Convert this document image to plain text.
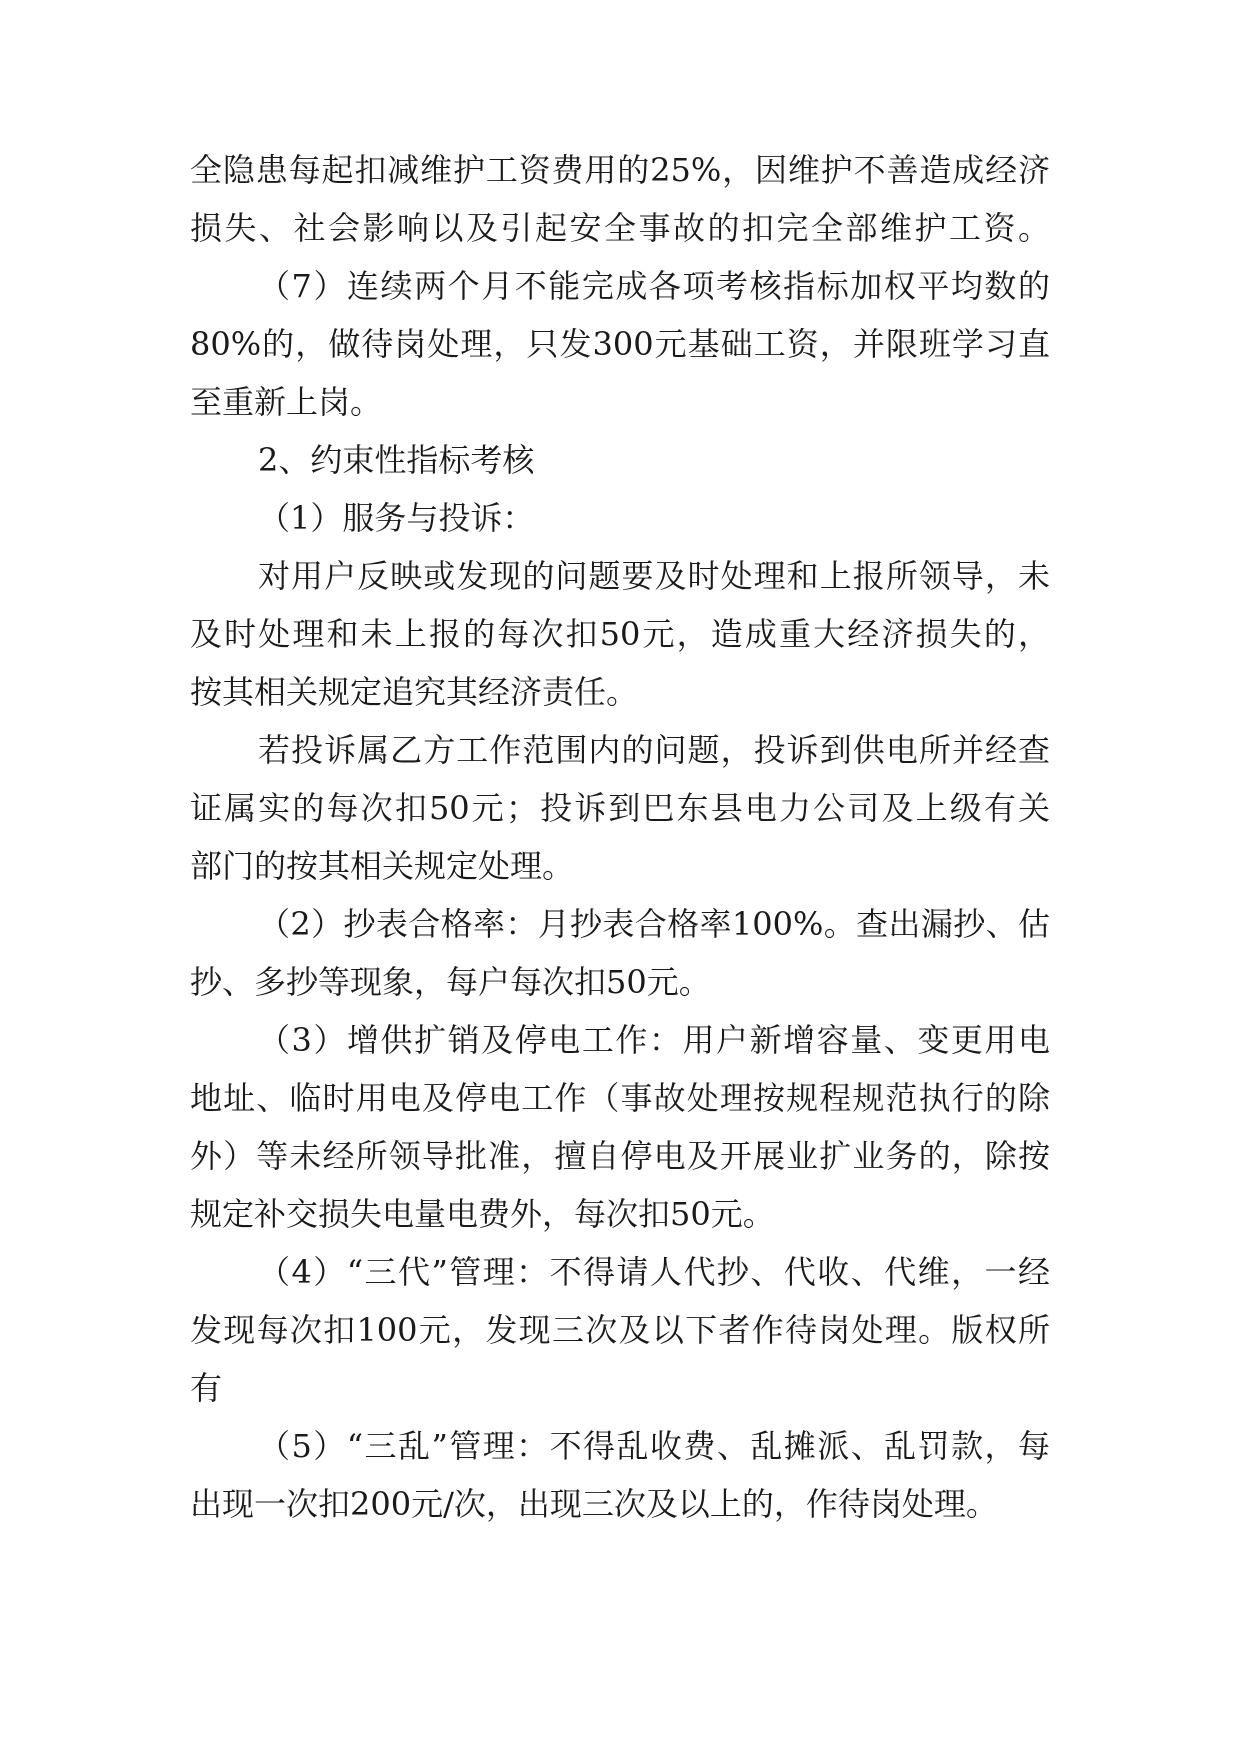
全隐患每起扣减维护工资费用的25%，因维护不善造成经济
损失、社会影响以及引起安全事故的扣完全部维护工资。
（7）连续两个月不能完成各项考核指标加权平均数的
80%的，做待岗处理，只发300元基础工资，并限班学习直
至重新上岗。
2、约束性指标考核
（1）服务与投诉：
对用户反映或发现的问题要及时处理和上报所领导，未
及时处理和未上报的每次扣50元，造成重大经济损失的，
按其相关规定追究其经济责任。
若投诉属乙方工作范围内的问题，投诉到供电所并经查
证属实的每次扣50元；投诉到巴东县电力公司及上级有关
部门的按其相关规定处理。
（2）抄表合格率：月抄表合格率100%。查出漏抄、估
抄、多抄等现象，每户每次扣50元。
（3）增供扩销及停电工作：用户新增容量、变更用电
地址、临时用电及停电工作（事故处理按规程规范执行的除
外）等未经所领导批准，擅自停电及开展业扩业务的，除按
规定补交损失电量电费外，每次扣50元。
（4）“三代”管理：不得请人代抄、代收、代维，一经
发现每次扣100元，发现三次及以下者作待岗处理。版权所
有
（5）“三乱”管理：不得乱收费、乱摊派、乱罚款，每
出现一次扣200元/次，出现三次及以上的，作待岗处理。
